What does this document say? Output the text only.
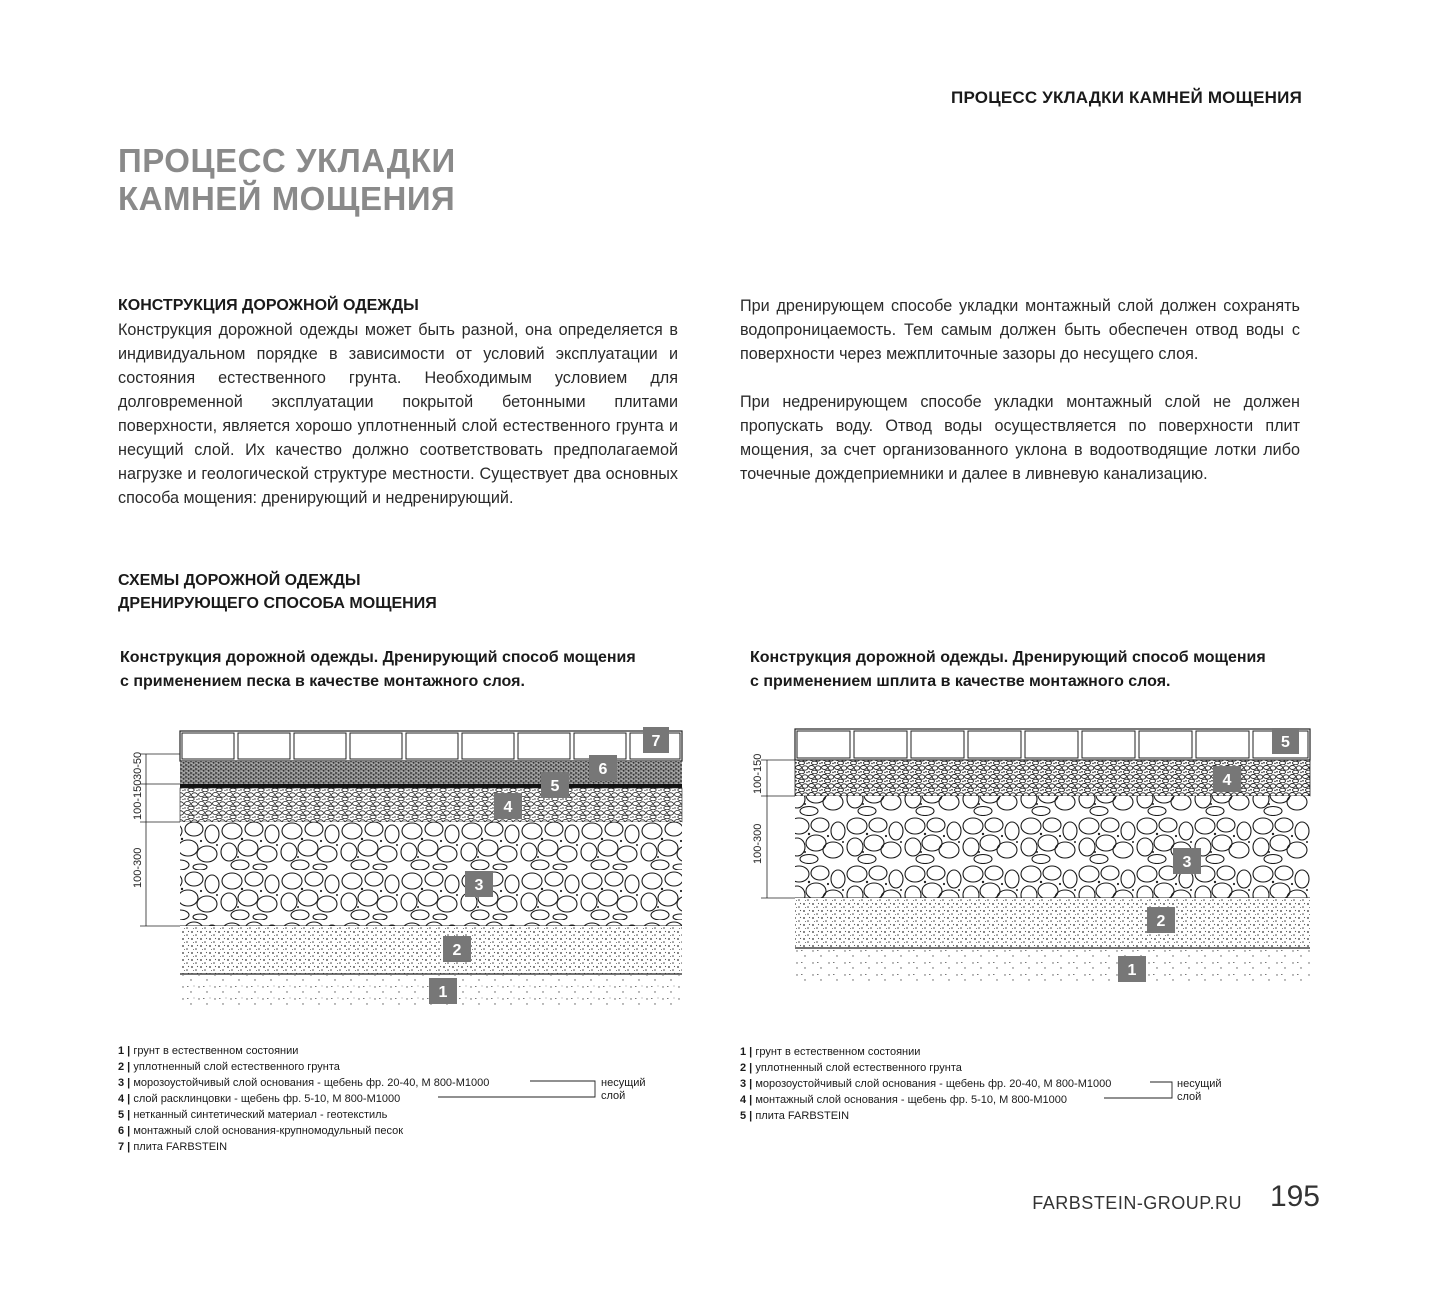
ПРОЦЕСС УКЛАДКИ КАМНЕЙ МОЩЕНИЯ
ПРОЦЕСС УКЛАДКИ
КАМНЕЙ МОЩЕНИЯ
КОНСТРУКЦИЯ ДОРОЖНОЙ ОДЕЖДЫ
Конструкция дорожной одежды может быть разной, она определяется в индивидуальном порядке в зависимости от условий эксплуатации и состояния естественного грунта. Необходимым условием для долговременной эксплуатации покрытой бетонными плитами поверхности, является хорошо уплотненный слой естественного грунта и несущий слой. Их качество должно соответствовать предполагаемой нагрузке и геологической структуре местности. Существует два основных способа мощения: дренирующий и недренирующий.
При дренирующем способе укладки монтажный слой должен сохранять водопроницаемость. Тем самым должен быть обеспечен отвод воды с поверхности через межплиточные зазоры до несущего слоя.
При недренирующем способе укладки монтажный слой не должен пропускать воду. Отвод воды осуществляется по поверхности плит мощения, за счет организованного уклона в водоотводящие лотки либо точечные дождеприемники и далее в ливневую канализацию.
СХЕМЫ ДОРОЖНОЙ ОДЕЖДЫ
ДРЕНИРУЮЩЕГО СПОСОБА МОЩЕНИЯ
Конструкция дорожной одежды. Дренирующий способ мощения
с применением песка в качестве монтажного слоя.
Конструкция дорожной одежды. Дренирующий способ мощения
с применением шплита в качестве монтажного слоя.
30-50
100-150
100-300
7
6
5
4
3
2
1
100-150
100-300
5
4
3
2
1
1 | грунт в естественном состоянии
2 | уплотненный слой естественного грунта
3 | морозоустойчивый слой основания - щебень фр. 20-40, М 800-М1000
4 | слой расклинцовки - щебень фр. 5-10, М 800-М1000
5 | нетканный синтетический материал - геотекстиль
6 | монтажный слой основания-крупномодульный песок
7 | плита FARBSTEIN
несущий
слой
1 | грунт в естественном состоянии
2 | уплотненный слой естественного грунта
3 | морозоустойчивый слой основания - щебень фр. 20-40, М 800-М1000
4 | монтажный слой основания - щебень фр. 5-10, М 800-М1000
5 | плита FARBSTEIN
несущий
слой
FARBSTEIN-GROUP.RU 195
